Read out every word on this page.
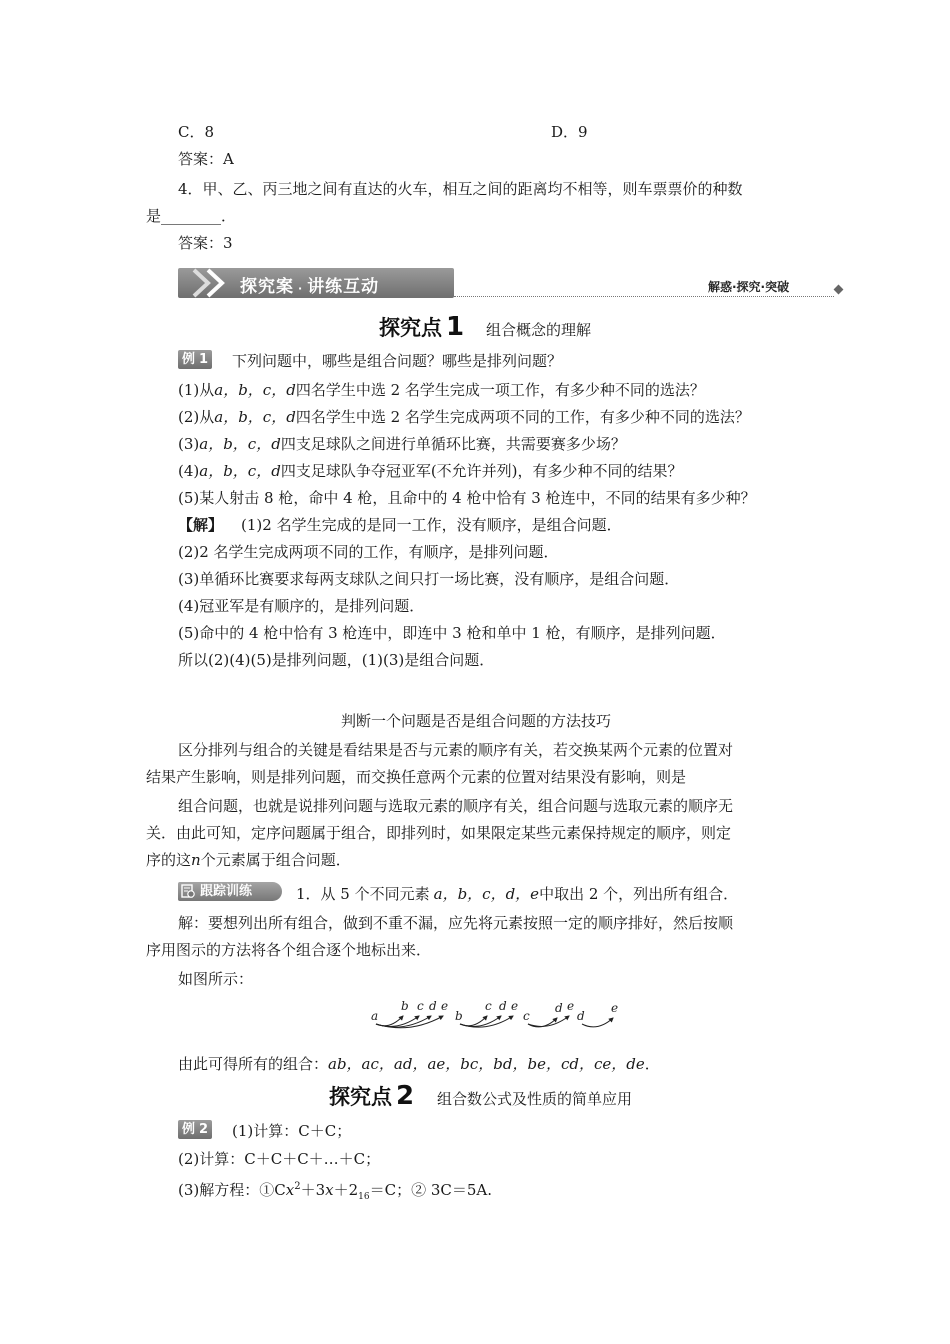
C．8	D．9
答案：A
4．甲、乙、丙三地之间有直达的火车，相互之间的距离均不相等，则车票票价的种数
是________．
答案：3
探究案 · 讲练互动	解惑·探究·突破
探究点 1 组合概念的理解
例 1 下列问题中，哪些是组合问题？哪些是排列问题？
(1)从a，b，c，d四名学生中选 2 名学生完成一项工作，有多少种不同的选法？
(2)从a，b，c，d四名学生中选 2 名学生完成两项不同的工作，有多少种不同的选法？
(3)a，b，c，d四支足球队之间进行单循环比赛，共需要赛多少场？
(4)a，b，c，d四支足球队争夺冠亚军(不允许并列)，有多少种不同的结果？
(5)某人射击 8 枪，命中 4 枪，且命中的 4 枪中恰有 3 枪连中，不同的结果有多少种？
【解】 (1)2 名学生完成的是同一工作，没有顺序，是组合问题．
(2)2 名学生完成两项不同的工作，有顺序，是排列问题．
(3)单循环比赛要求每两支球队之间只打一场比赛，没有顺序，是组合问题．
(4)冠亚军是有顺序的，是排列问题．
(5)命中的 4 枪中恰有 3 枪连中，即连中 3 枪和单中 1 枪，有顺序，是排列问题．
所以(2)(4)(5)是排列问题，(1)(3)是组合问题．
判断一个问题是否是组合问题的方法技巧
区分排列与组合的关键是看结果是否与元素的顺序有关，若交换某两个元素的位置对
结果产生影响，则是排列问题，而交换任意两个元素的位置对结果没有影响，则是
组合问题，也就是说排列问题与选取元素的顺序有关，组合问题与选取元素的顺序无
关．由此可知，定序问题属于组合，即排列时，如果限定某些元素保持规定的顺序，则定
序的这n个元素属于组合问题．
跟踪训练	1．从 5 个不同元素 a，b，c，d，e中取出 2 个，列出所有组合．
解：要想列出所有组合，做到不重不漏，应先将元素按照一定的顺序排好，然后按顺
序用图示的方法将各个组合逐个地标出来．
如图所示：
a
b c d e
b
c d e
c
d e
d
e
由此可得所有的组合：ab，ac，ad，ae，bc，bd，be，cd，ce，de．
探究点 2 组合数公式及性质的简单应用
例 2 (1)计算：C＋C；
(2)计算：C＋C＋C＋…＋C；
(3)解方程：$①Cx^2+3x+2_{16}=C$；② 3C＝5A.
